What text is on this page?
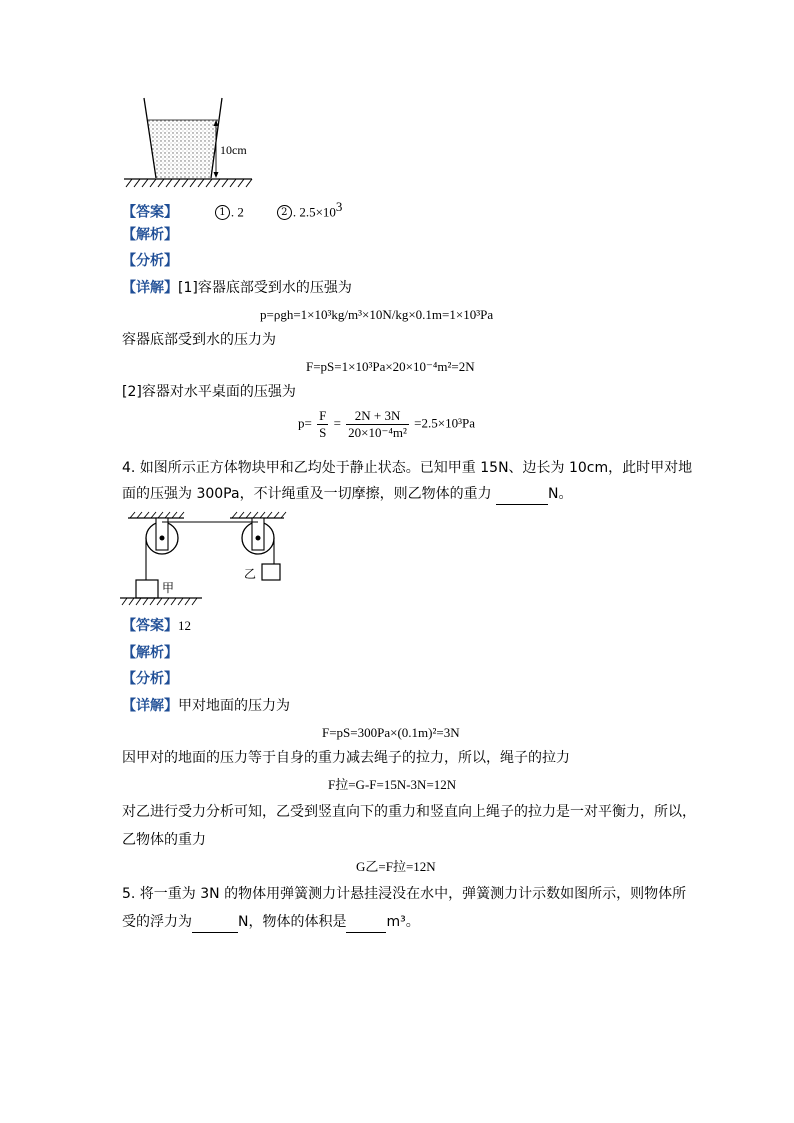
10cm
【答案】	1 . 2	2 . $2.5\times 10^3$
【解析】
【分析】
【详解】[1]容器底部受到水的压强为
p=ρgh=1×10³kg/m³×10N/kg×0.1m=1×10³Pa
容器底部受到水的压力为
F=pS=1×10³Pa×20×10⁻⁴m²=2N
[2]容器对水平桌面的压强为
$p= \frac{F}{S} = \frac{2N + 3N}{\text{20×10⁻⁴m²}} =2.5\times 10^3Pa$
4. 如图所示正方体物块甲和乙均处于静止状态。已知甲重 15N、边长为 10cm，此时甲对地
面的压强为 300Pa，不计绳重及一切摩擦，则乙物体的重力	N。
甲
乙
【答案】12
【解析】
【分析】
【详解】甲对地面的压力为
F=pS=300Pa×(0.1m)²=3N
因甲对的地面的压力等于自身的重力减去绳子的拉力，所以，绳子的拉力
F拉=G-F=15N-3N=12N
对乙进行受力分析可知，乙受到竖直向下的重力和竖直向上绳子的拉力是一对平衡力，所以，
乙物体的重力
G乙=F拉=12N
5. 将一重为 3N 的物体用弹簧测力计悬挂浸没在水中，弹簧测力计示数如图所示，则物体所
受的浮力为	N，物体的体积是	m³。
